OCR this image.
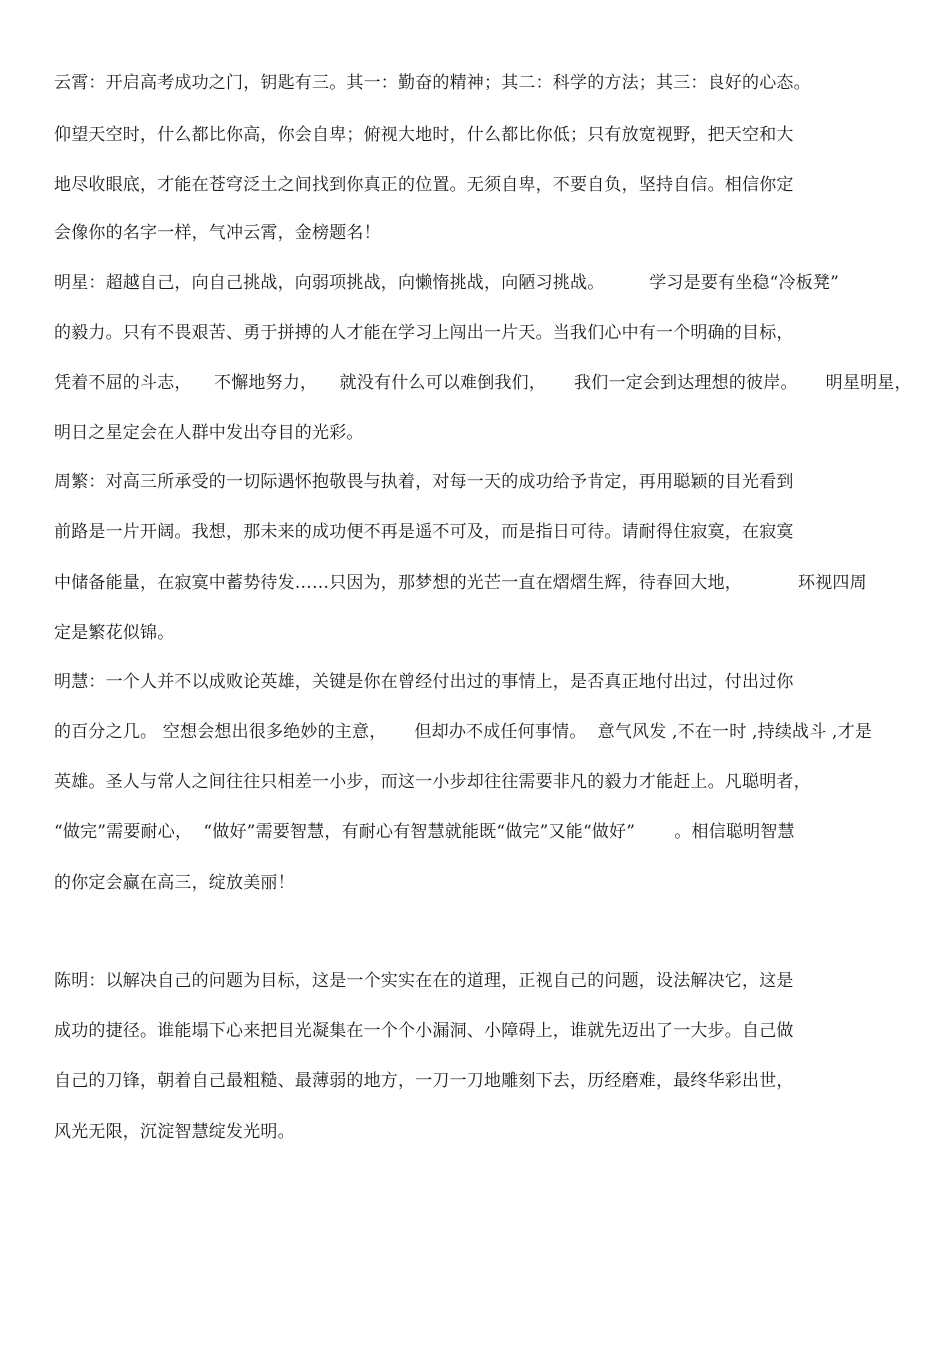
云霄：开启高考成功之门，钥匙有三。其一：勤奋的精神；其二：科学的方法；其三：良好的心态。
仰望天空时，什么都比你高，你会自卑；俯视大地时，什么都比你低；只有放宽视野，把天空和大
地尽收眼底，才能在苍穹泛土之间找到你真正的位置。无须自卑，不要自负，坚持自信。相信你定
会像你的名字一样，气冲云霄，金榜题名！
明星：超越自己，向自己挑战，向弱项挑战，向懒惰挑战，向陋习挑战。        学习是要有坐稳“冷板凳”
的毅力。只有不畏艰苦、勇于拼搏的人才能在学习上闯出一片天。当我们心中有一个明确的目标，
凭着不屈的斗志，    不懈地努力，    就没有什么可以难倒我们，     我们一定会到达理想的彼岸。     明星明星，
明日之星定会在人群中发出夺目的光彩。
周繁：对高三所承受的一切际遇怀抱敬畏与执着，对每一天的成功给予肯定，再用聪颖的目光看到
前路是一片开阔。我想，那未来的成功便不再是遥不可及，而是指日可待。请耐得住寂寞，在寂寞
中储备能量，在寂寞中蓄势待发……只因为，那梦想的光芒一直在熠熠生辉，待春回大地，          环视四周
定是繁花似锦。
明慧：一个人并不以成败论英雄，关键是你在曾经付出过的事情上，是否真正地付出过，付出过你
的百分之几。 空想会想出很多绝妙的主意，     但却办不成任何事情。  意气风发 ,不在一时 ,持续战斗 ,才是
英雄。圣人与常人之间往往只相差一小步，而这一小步却往往需要非凡的毅力才能赶上。凡聪明者，
“做完”需要耐心，  “做好”需要智慧，有耐心有智慧就能既“做完”又能“做好”       。相信聪明智慧
的你定会赢在高三，绽放美丽！
陈明：以解决自己的问题为目标，这是一个实实在在的道理，正视自己的问题，设法解决它，这是
成功的捷径。谁能塌下心来把目光凝集在一个个小漏洞、小障碍上，谁就先迈出了一大步。自己做
自己的刀锋，朝着自己最粗糙、最薄弱的地方，一刀一刀地雕刻下去，历经磨难，最终华彩出世，
风光无限，沉淀智慧绽发光明。
